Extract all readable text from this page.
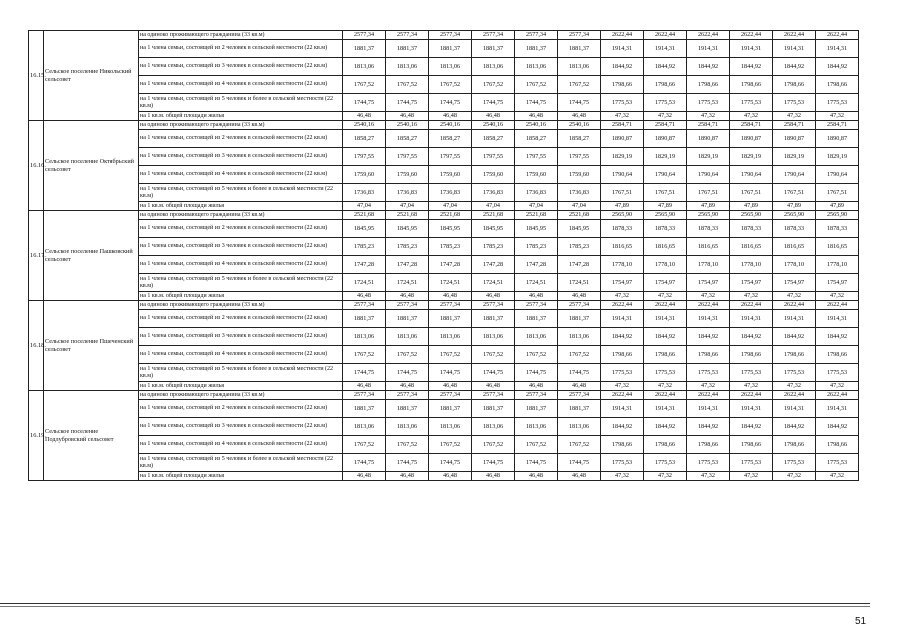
16.15.	Сельское поселение Никольский сельсовет	на одиноко проживающего гражданина (33 кв.м)	2577,34	2577,34	2577,34	2577,34	2577,34	2577,34	2622,44	2622,44	2622,44	2622,44	2622,44	2622,44
		на 1 члена семьи, состоящей из 2 человек в сельской местности (22 кв.м)	1881,37	1881,37	1881,37	1881,37	1881,37	1881,37	1914,31	1914,31	1914,31	1914,31	1914,31	1914,31
		на 1 члена семьи, состоящей из 3 человек в сельской местности (22 кв.м)	1813,06	1813,06	1813,06	1813,06	1813,06	1813,06	1844,92	1844,92	1844,92	1844,92	1844,92	1844,92
		на 1 члена семьи, состоящей из 4 человек в сельской местности (22 кв.м)	1767,52	1767,52	1767,52	1767,52	1767,52	1767,52	1798,66	1798,66	1798,66	1798,66	1798,66	1798,66
		на 1 члена семьи, состоящей из 5 человек и более в сельской местности (22 кв.м)	1744,75	1744,75	1744,75	1744,75	1744,75	1744,75	1775,53	1775,53	1775,53	1775,53	1775,53	1775,53
		на 1 кв.м. общей площади жилья	46,48	46,48	46,48	46,48	46,48	46,48	47,32	47,32	47,32	47,32	47,32	47,32
16.16.	Сельское поселение Октябрьский сельсовет	на одиноко проживающего гражданина (33 кв.м)	2540,16	2540,16	2540,16	2540,16	2540,16	2540,16	2584,71	2584,71	2584,71	2584,71	2584,71	2584,71
		на 1 члена семьи, состоящей из 2 человек в сельской местности (22 кв.м)	1858,27	1858,27	1858,27	1858,27	1858,27	1858,27	1890,87	1890,87	1890,87	1890,87	1890,87	1890,87
		на 1 члена семьи, состоящей из 3 человек в сельской местности (22 кв.м)	1797,55	1797,55	1797,55	1797,55	1797,55	1797,55	1829,19	1829,19	1829,19	1829,19	1829,19	1829,19
		на 1 члена семьи, состоящей из 4 человек в сельской местности (22 кв.м)	1759,60	1759,60	1759,60	1759,60	1759,60	1759,60	1790,64	1790,64	1790,64	1790,64	1790,64	1790,64
		на 1 члена семьи, состоящей из 5 человек и более в сельской местности (22 кв.м)	1736,83	1736,83	1736,83	1736,83	1736,83	1736,83	1767,51	1767,51	1767,51	1767,51	1767,51	1767,51
		на 1 кв.м. общей площади жилья	47,04	47,04	47,04	47,04	47,04	47,04	47,89	47,89	47,89	47,89	47,89	47,89
16.17.	Сельское поселение Пашковский сельсовет	на одиноко проживающего гражданина (33 кв.м)	2521,68	2521,68	2521,68	2521,68	2521,68	2521,68	2565,90	2565,90	2565,90	2565,90	2565,90	2565,90
		на 1 члена семьи, состоящей из 2 человек в сельской местности (22 кв.м)	1845,95	1845,95	1845,95	1845,95	1845,95	1845,95	1878,33	1878,33	1878,33	1878,33	1878,33	1878,33
		на 1 члена семьи, состоящей из 3 человек в сельской местности (22 кв.м)	1785,23	1785,23	1785,23	1785,23	1785,23	1785,23	1816,65	1816,65	1816,65	1816,65	1816,65	1816,65
		на 1 члена семьи, состоящей из 4 человек в сельской местности (22 кв.м)	1747,28	1747,28	1747,28	1747,28	1747,28	1747,28	1778,10	1778,10	1778,10	1778,10	1778,10	1778,10
		на 1 члена семьи, состоящей из 5 человек и более в сельской местности (22 кв.м)	1724,51	1724,51	1724,51	1724,51	1724,51	1724,51	1754,97	1754,97	1754,97	1754,97	1754,97	1754,97
		на 1 кв.м. общей площади жилья	46,48	46,48	46,48	46,48	46,48	46,48	47,32	47,32	47,32	47,32	47,32	47,32
16.18.	Сельское поселение Пшеченский сельсовет	на одиноко проживающего гражданина (33 кв.м)	2577,34	2577,34	2577,34	2577,34	2577,34	2577,34	2622,44	2622,44	2622,44	2622,44	2622,44	2622,44
		на 1 члена семьи, состоящей из 2 человек в сельской местности (22 кв.м)	1881,37	1881,37	1881,37	1881,37	1881,37	1881,37	1914,31	1914,31	1914,31	1914,31	1914,31	1914,31
		на 1 члена семьи, состоящей из 3 человек в сельской местности (22 кв.м)	1813,06	1813,06	1813,06	1813,06	1813,06	1813,06	1844,92	1844,92	1844,92	1844,92	1844,92	1844,92
		на 1 члена семьи, состоящей из 4 человек в сельской местности (22 кв.м)	1767,52	1767,52	1767,52	1767,52	1767,52	1767,52	1798,66	1798,66	1798,66	1798,66	1798,66	1798,66
		на 1 члена семьи, состоящей из 5 человек и более в сельской местности (22 кв.м)	1744,75	1744,75	1744,75	1744,75	1744,75	1744,75	1775,53	1775,53	1775,53	1775,53	1775,53	1775,53
		на 1 кв.м. общей площади жилья	46,48	46,48	46,48	46,48	46,48	46,48	47,32	47,32	47,32	47,32	47,32	47,32
16.19.	Сельское поселение Подлубровский сельсовет	на одиноко проживающего гражданина (33 кв.м)	2577,34	2577,34	2577,34	2577,34	2577,34	2577,34	2622,44	2622,44	2622,44	2622,44	2622,44	2622,44
		на 1 члена семьи, состоящей из 2 человек в сельской местности (22 кв.м)	1881,37	1881,37	1881,37	1881,37	1881,37	1881,37	1914,31	1914,31	1914,31	1914,31	1914,31	1914,31
		на 1 члена семьи, состоящей из 3 человек в сельской местности (22 кв.м)	1813,06	1813,06	1813,06	1813,06	1813,06	1813,06	1844,92	1844,92	1844,92	1844,92	1844,92	1844,92
		на 1 члена семьи, состоящей из 4 человек в сельской местности (22 кв.м)	1767,52	1767,52	1767,52	1767,52	1767,52	1767,52	1798,66	1798,66	1798,66	1798,66	1798,66	1798,66
		на 1 члена семьи, состоящей из 5 человек и более в сельской местности (22 кв.м)	1744,75	1744,75	1744,75	1744,75	1744,75	1744,75	1775,53	1775,53	1775,53	1775,53	1775,53	1775,53
		на 1 кв.м. общей площади жилья	46,48	46,48	46,48	46,48	46,48	46,48	47,32	47,32	47,32	47,32	47,32	47,32
51
